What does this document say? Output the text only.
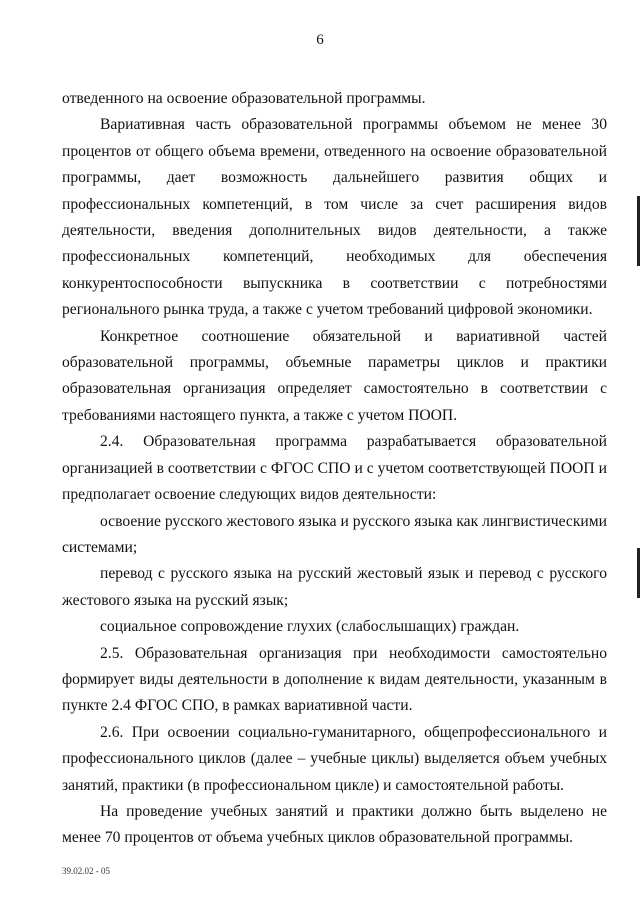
6

отведенного на освоение образовательной программы.

Вариативная часть образовательной программы объемом не менее 30 процентов от общего объема времени, отведенного на освоение образовательной программы, дает возможность дальнейшего развития общих и профессиональных компетенций, в том числе за счет расширения видов деятельности, введения дополнительных видов деятельности, а также профессиональных компетенций, необходимых для обеспечения конкурентоспособности выпускника в соответствии с потребностями регионального рынка труда, а также с учетом требований цифровой экономики.

Конкретное соотношение обязательной и вариативной частей образовательной программы, объемные параметры циклов и практики образовательная организация определяет самостоятельно в соответствии с требованиями настоящего пункта, а также с учетом ПООП.

2.4. Образовательная программа разрабатывается образовательной организацией в соответствии с ФГОС СПО и с учетом соответствующей ПООП и предполагает освоение следующих видов деятельности:

освоение русского жестового языка и русского языка как лингвистическими системами;

перевод с русского языка на русский жестовый язык и перевод с русского жестового языка на русский язык;

социальное сопровождение глухих (слабослышащих) граждан.

2.5. Образовательная организация при необходимости самостоятельно формирует виды деятельности в дополнение к видам деятельности, указанным в пункте 2.4 ФГОС СПО, в рамках вариативной части.

2.6. При освоении социально-гуманитарного, общепрофессионального и профессионального циклов (далее – учебные циклы) выделяется объем учебных занятий, практики (в профессиональном цикле) и самостоятельной работы.

На проведение учебных занятий и практики должно быть выделено не менее 70 процентов от объема учебных циклов образовательной программы.

39.02.02 - 05
